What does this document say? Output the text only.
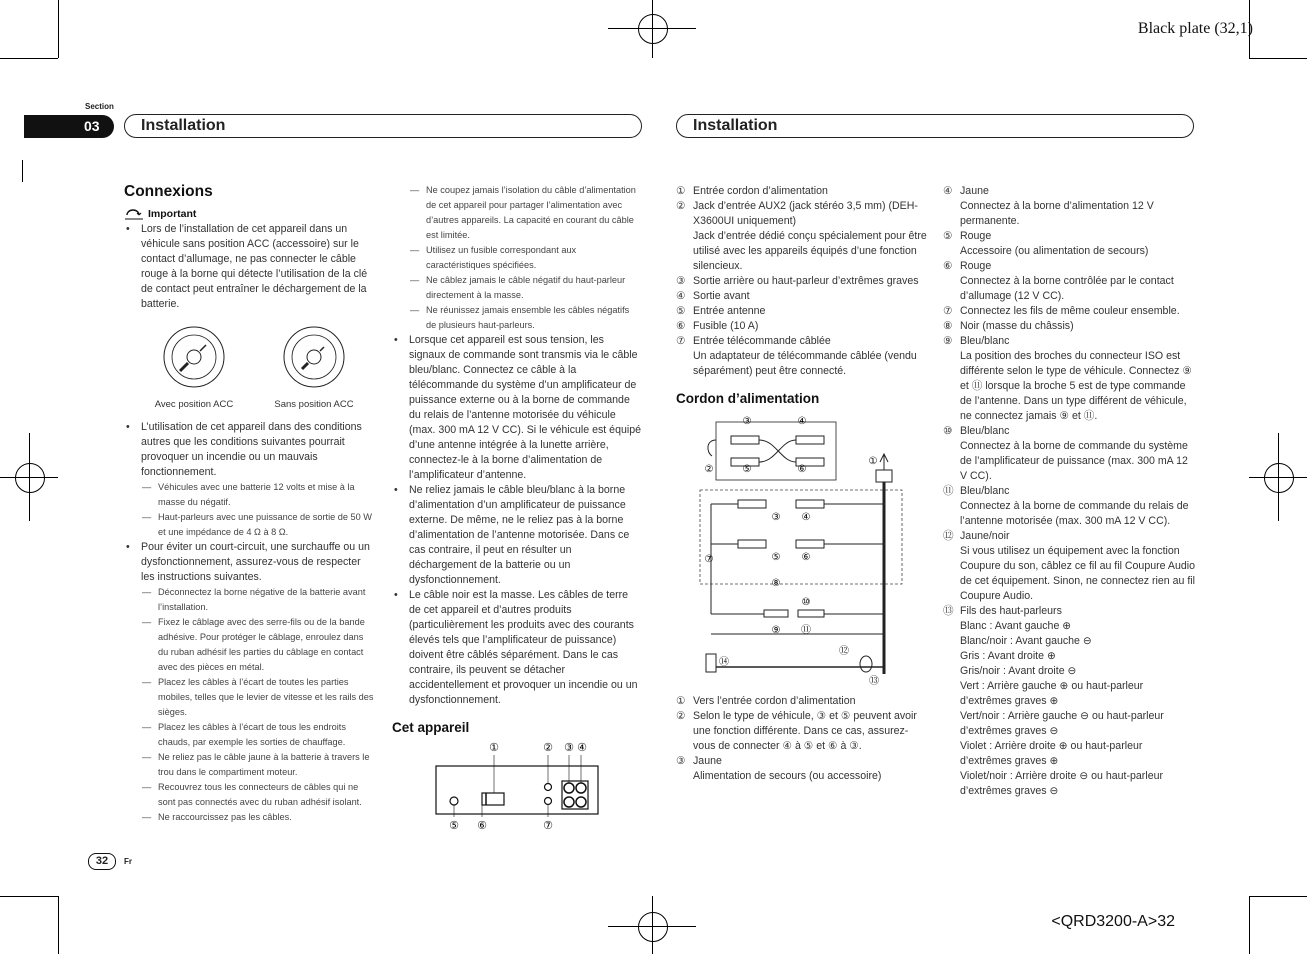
Black plate (32,1)
Section
03	Installation	Installation

Connexions

Important
• Lors de l’installation de cet appareil dans un véhicule sans position ACC (accessoire) sur le contact d’allumage, ne pas connecter le câble rouge à la borne qui détecte l’utilisation de la clé de contact peut entraîner le déchargement de la batterie.
Avec position ACC	Sans position ACC
• L’utilisation de cet appareil dans des conditions autres que les conditions suivantes pourrait provoquer un incendie ou un mauvais fonctionnement.
— Véhicules avec une batterie 12 volts et mise à la masse du négatif.
— Haut-parleurs avec une puissance de sortie de 50 W et une impédance de 4 Ω à 8 Ω.
• Pour éviter un court-circuit, une surchauffe ou un dysfonctionnement, assurez-vous de respecter les instructions suivantes.
— Déconnectez la borne négative de la batterie avant l’installation.
— Fixez le câblage avec des serre-fils ou de la bande adhésive. Pour protéger le câblage, enroulez dans du ruban adhésif les parties du câblage en contact avec des pièces en métal.
— Placez les câbles à l’écart de toutes les parties mobiles, telles que le levier de vitesse et les rails des sièges.
— Placez les câbles à l’écart de tous les endroits chauds, par exemple les sorties de chauffage.
— Ne reliez pas le câble jaune à la batterie à travers le trou dans le compartiment moteur.
— Recouvrez tous les connecteurs de câbles qui ne sont pas connectés avec du ruban adhésif isolant.
— Ne raccourcissez pas les câbles.
— Ne coupez jamais l’isolation du câble d’alimentation de cet appareil pour partager l’alimentation avec d’autres appareils. La capacité en courant du câble est limitée.
— Utilisez un fusible correspondant aux caractéristiques spécifiées.
— Ne câblez jamais le câble négatif du haut-parleur directement à la masse.
— Ne réunissez jamais ensemble les câbles négatifs de plusieurs haut-parleurs.
• Lorsque cet appareil est sous tension, les signaux de commande sont transmis via le câble bleu/blanc. Connectez ce câble à la télécommande du système d’un amplificateur de puissance externe ou à la borne de commande du relais de l’antenne motorisée du véhicule (max. 300 mA 12 V CC). Si le véhicule est équipé d’une antenne intégrée à la lunette arrière, connectez-le à la borne d’alimentation de l’amplificateur d’antenne.
• Ne reliez jamais le câble bleu/blanc à la borne d’alimentation d’un amplificateur de puissance externe. De même, ne le reliez pas à la borne d’alimentation de l’antenne motorisée. Dans ce cas contraire, il peut en résulter un déchargement de la batterie ou un dysfonctionnement.
• Le câble noir est la masse. Les câbles de terre de cet appareil et d’autres produits (particulièrement les produits avec des courants élevés tels que l’amplificateur de puissance) doivent être câblés séparément. Dans le cas contraire, ils peuvent se détacher accidentellement et provoquer un incendie ou un dysfonctionnement.

Cet appareil

①	② ③ ④
⑤ ⑥	⑦
① Entrée cordon d’alimentation
② Jack d’entrée AUX2 (jack stéréo 3,5 mm) (DEH-X3600UI uniquement)
Jack d’entrée dédié conçu spécialement pour être utilisé avec les appareils équipés d’une fonction silencieux.
③ Sortie arrière ou haut-parleur d’extrêmes graves
④ Sortie avant
⑤ Entrée antenne
⑥ Fusible (10 A)
⑦ Entrée télécommande câblée
Un adaptateur de télécommande câblée (vendu séparément) peut être connecté.

Cordon d’alimentation

③	④
②	⑤	⑥
①
③ ④
⑦	⑤ ⑥
⑧
⑩
⑨ ⑪
⑫
⑭
⑬
① Vers l’entrée cordon d’alimentation
② Selon le type de véhicule, ③ et ⑤ peuvent avoir une fonction différente. Dans ce cas, assurez-vous de connecter ④ à ⑤ et ⑥ à ③.
③ Jaune
Alimentation de secours (ou accessoire)
④ Jaune
Connectez à la borne d’alimentation 12 V permanente.
⑤ Rouge
Accessoire (ou alimentation de secours)
⑥ Rouge
Connectez à la borne contrôlée par le contact d’allumage (12 V CC).
⑦ Connectez les fils de même couleur ensemble.
⑧ Noir (masse du châssis)
⑨ Bleu/blanc
La position des broches du connecteur ISO est différente selon le type de véhicule. Connectez ⑨ et ⑪ lorsque la broche 5 est de type commande de l’antenne. Dans un type différent de véhicule, ne connectez jamais ⑨ et ⑪.
⑩ Bleu/blanc
Connectez à la borne de commande du système de l’amplificateur de puissance (max. 300 mA 12 V CC).
⑪ Bleu/blanc
Connectez à la borne de commande du relais de l’antenne motorisée (max. 300 mA 12 V CC).
⑫ Jaune/noir
Si vous utilisez un équipement avec la fonction Coupure du son, câblez ce fil au fil Coupure Audio de cet équipement. Sinon, ne connectez rien au fil Coupure Audio.
⑬ Fils des haut-parleurs
Blanc : Avant gauche ⊕
Blanc/noir : Avant gauche ⊖
Gris : Avant droite ⊕
Gris/noir : Avant droite ⊖
Vert : Arrière gauche ⊕ ou haut-parleur d’extrêmes graves ⊕
Vert/noir : Arrière gauche ⊖ ou haut-parleur d’extrêmes graves ⊖
Violet : Arrière droite ⊕ ou haut-parleur d’extrêmes graves ⊕
Violet/noir : Arrière droite ⊖ ou haut-parleur d’extrêmes graves ⊖
32	Fr
<QRD3200-A>32
